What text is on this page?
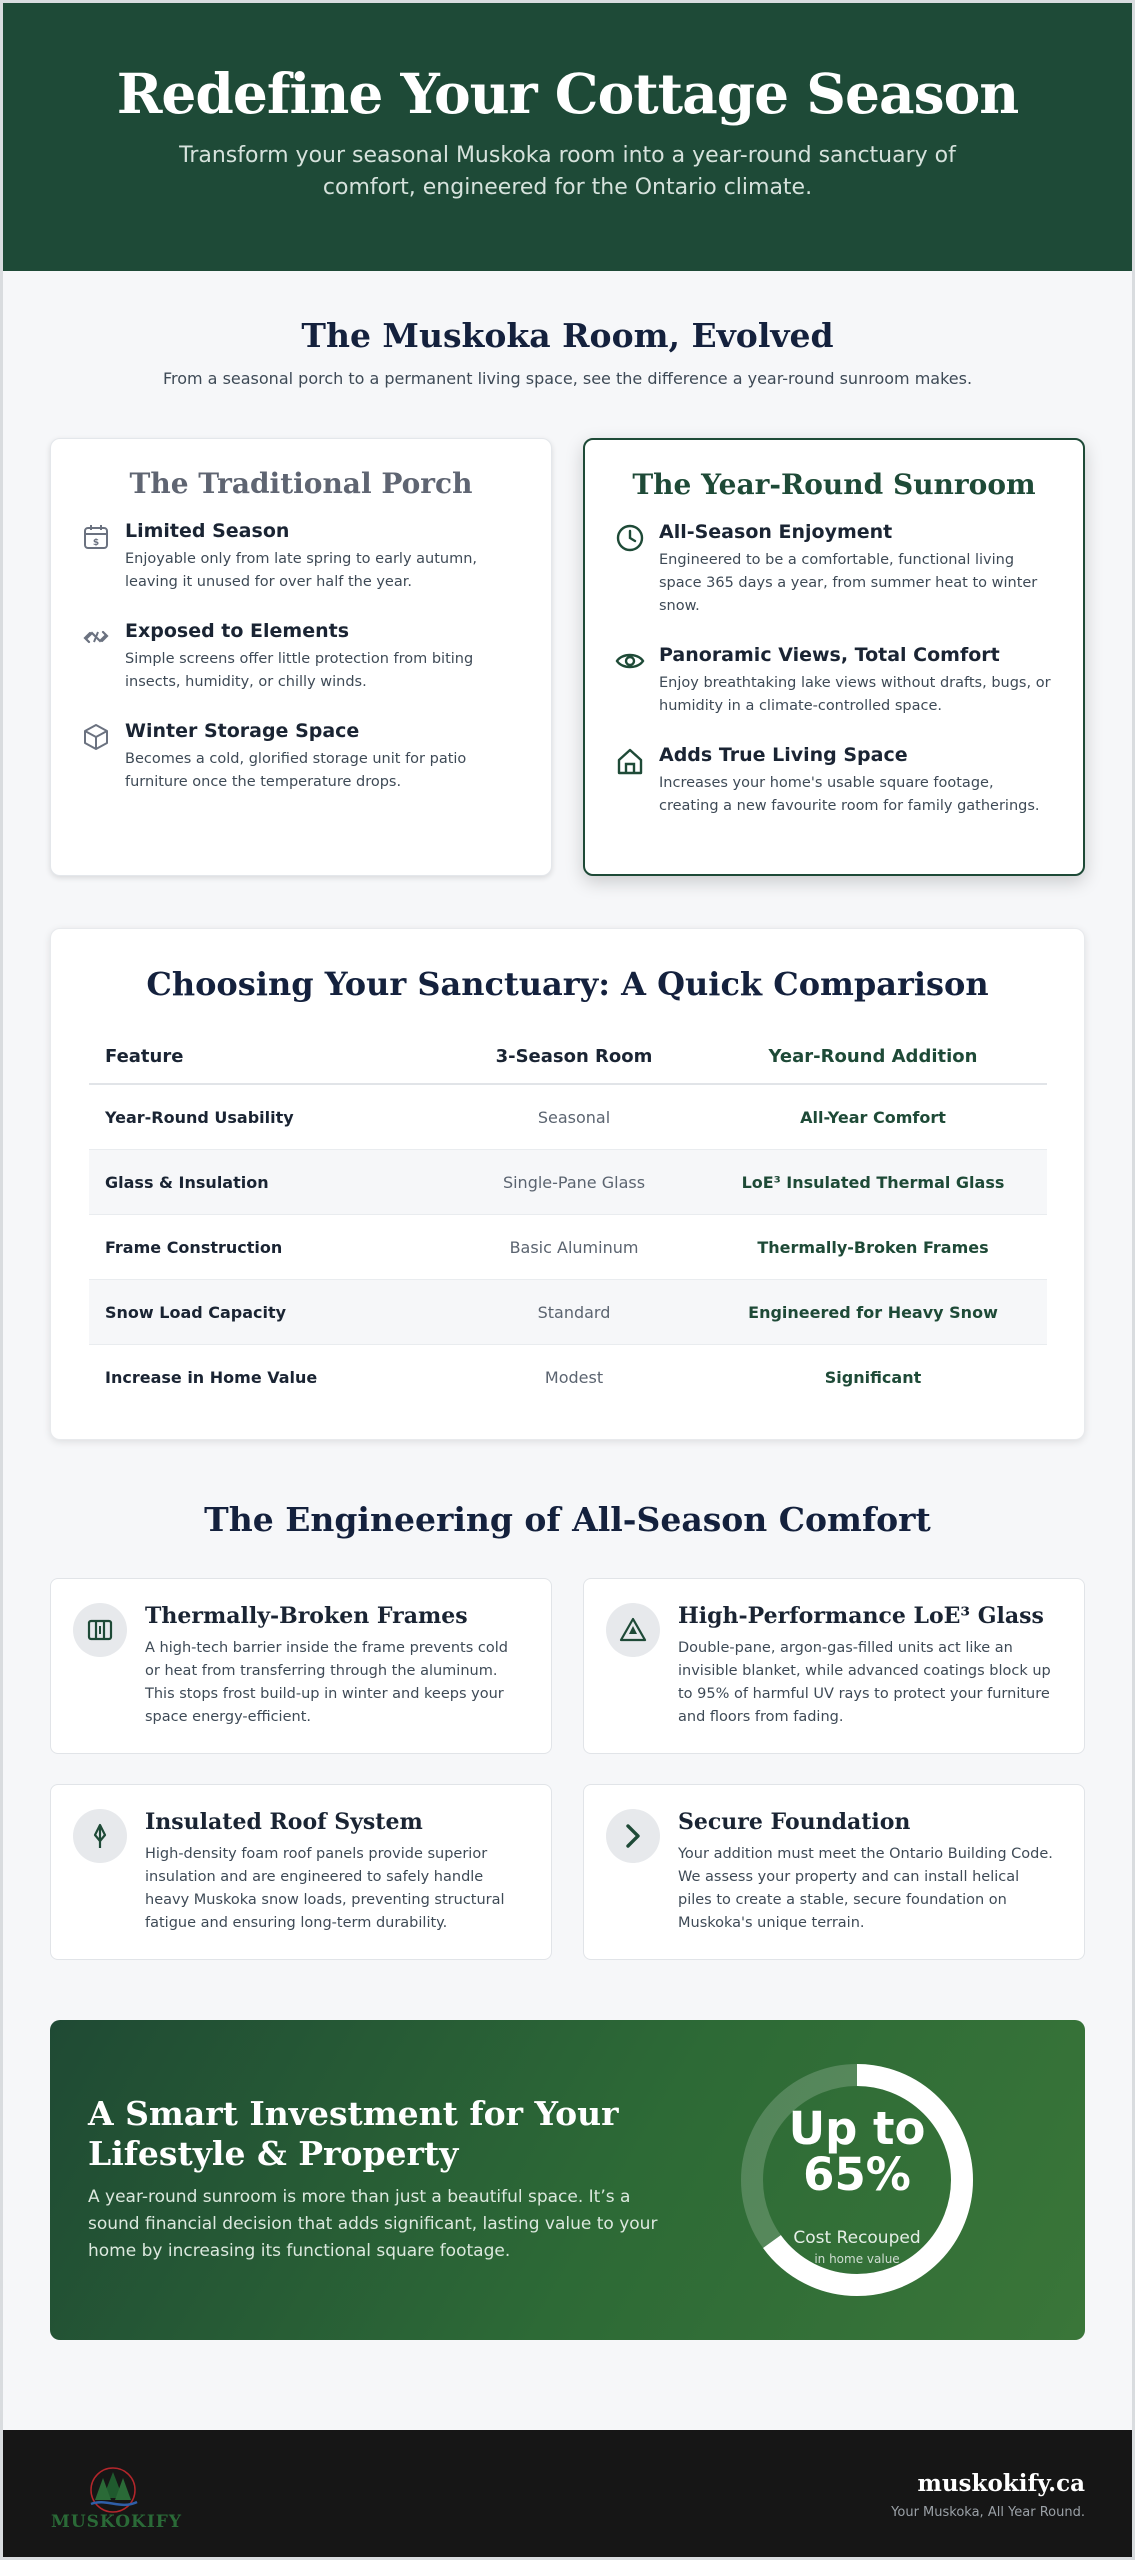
Redefine Your Cottage Season

Transform your seasonal Muskoka room into a year-round sanctuary of comfort, engineered for the Ontario climate.

The Muskoka Room, Evolved

From a seasonal porch to a permanent living space, see the difference a year-round sunroom makes.

The Traditional Porch
$
Limited Season

Enjoyable only from late spring to early autumn, leaving it unused for over half the year.

Exposed to Elements

Simple screens offer little protection from biting insects, humidity, or chilly winds.

Winter Storage Space

Becomes a cold, glorified storage unit for patio furniture once the temperature drops.

The Year-Round Sunroom
All-Season Enjoyment

Engineered to be a comfortable, functional living space 365 days a year, from summer heat to winter snow.

Panoramic Views, Total Comfort

Enjoy breathtaking lake views without drafts, bugs, or humidity in a climate-controlled space.

Adds True Living Space

Increases your home's usable square footage, creating a new favourite room for family gatherings.

Choosing Your Sanctuary: A Quick Comparison
Feature	3-Season Room	Year-Round Addition
Year-Round Usability	Seasonal	All-Year Comfort
Glass & Insulation	Single-Pane Glass	LoE³ Insulated Thermal Glass
Frame Construction	Basic Aluminum	Thermally-Broken Frames
Snow Load Capacity	Standard	Engineered for Heavy Snow
Increase in Home Value	Modest	Significant
The Engineering of All-Season Comfort
Thermally-Broken Frames

A high-tech barrier inside the frame prevents cold or heat from transferring through the aluminum. This stops frost build-up in winter and keeps your space energy-efficient.

High-Performance LoE³ Glass

Double-pane, argon-gas-filled units act like an invisible blanket, while advanced coatings block up to 95% of harmful UV rays to protect your furniture and floors from fading.

Insulated Roof System

High-density foam roof panels provide superior insulation and are engineered to safely handle heavy Muskoka snow loads, preventing structural fatigue and ensuring long-term durability.

Secure Foundation

Your addition must meet the Ontario Building Code. We assess your property and can install helical piles to create a stable, secure foundation on Muskoka's unique terrain.

A Smart Investment for Your Lifestyle & Property

A year-round sunroom is more than just a beautiful space. It’s a sound financial decision that adds significant, lasting value to your home by increasing its functional square footage.

Up to
65%
Cost Recouped
in home value
MUSKOKIFY
muskokify.ca
Your Muskoka, All Year Round.
